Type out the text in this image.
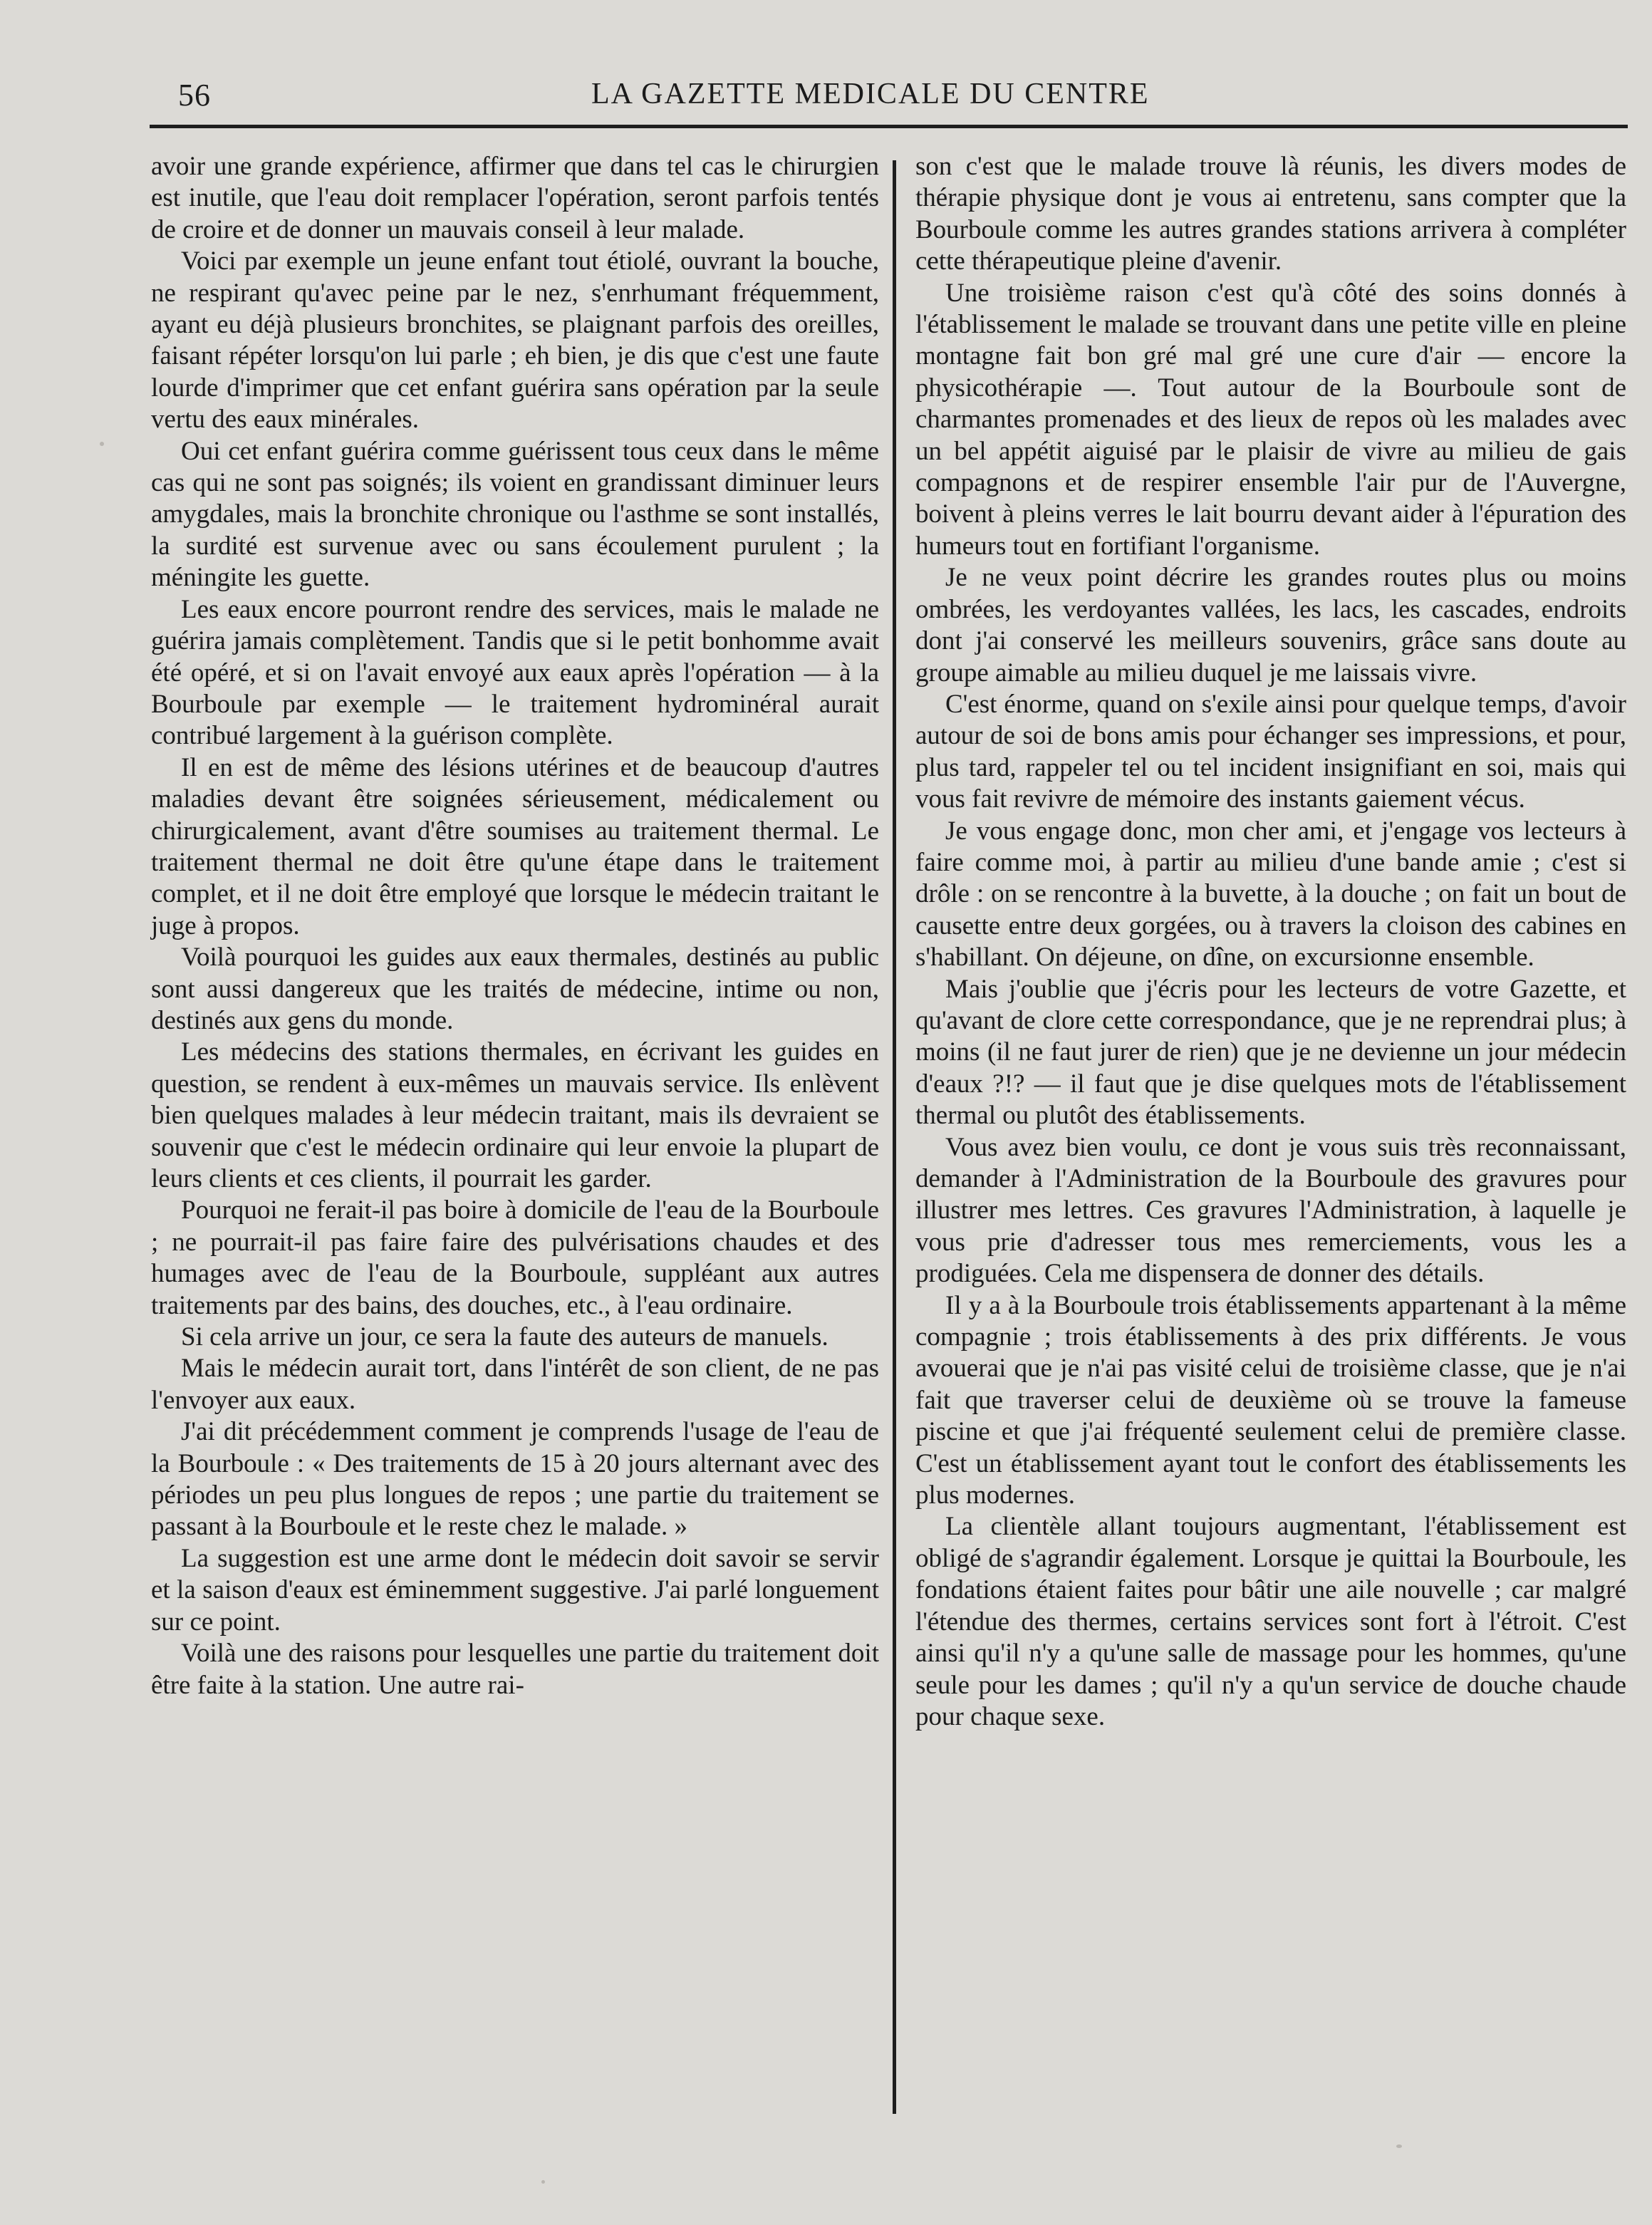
56	LA GAZETTE MEDICALE DU CENTRE

avoir une grande expérience, affirmer que dans tel cas le chirurgien est inutile, que l'eau doit remplacer l'opération, seront parfois tentés de croire et de donner un mauvais conseil à leur malade.

Voici par exemple un jeune enfant tout étiolé, ouvrant la bouche, ne respirant qu'avec peine par le nez, s'enrhumant fréquemment, ayant eu déjà plusieurs bronchites, se plaignant parfois des oreilles, faisant répéter lorsqu'on lui parle ; eh bien, je dis que c'est une faute lourde d'imprimer que cet enfant guérira sans opération par la seule vertu des eaux minérales.

Oui cet enfant guérira comme guérissent tous ceux dans le même cas qui ne sont pas soignés; ils voient en grandissant diminuer leurs amygdales, mais la bronchite chronique ou l'asthme se sont installés, la surdité est survenue avec ou sans écoulement purulent ; la méningite les guette.

Les eaux encore pourront rendre des services, mais le malade ne guérira jamais complètement. Tandis que si le petit bonhomme avait été opéré, et si on l'avait envoyé aux eaux après l'opération — à la Bourboule par exemple — le traitement hydrominéral aurait contribué largement à la guérison complète.

Il en est de même des lésions utérines et de beaucoup d'autres maladies devant être soignées sérieusement, médicalement ou chirurgicalement, avant d'être soumises au traitement thermal. Le traitement thermal ne doit être qu'une étape dans le traitement complet, et il ne doit être employé que lorsque le médecin traitant le juge à propos.

Voilà pourquoi les guides aux eaux thermales, destinés au public sont aussi dangereux que les traités de médecine, intime ou non, destinés aux gens du monde.

Les médecins des stations thermales, en écrivant les guides en question, se rendent à eux-mêmes un mauvais service. Ils enlèvent bien quelques malades à leur médecin traitant, mais ils devraient se souvenir que c'est le médecin ordinaire qui leur envoie la plupart de leurs clients et ces clients, il pourrait les garder.

Pourquoi ne ferait-il pas boire à domicile de l'eau de la Bourboule ; ne pourrait-il pas faire faire des pulvérisations chaudes et des humages avec de l'eau de la Bourboule, suppléant aux autres traitements par des bains, des douches, etc., à l'eau ordinaire.

Si cela arrive un jour, ce sera la faute des auteurs de manuels.

Mais le médecin aurait tort, dans l'intérêt de son client, de ne pas l'envoyer aux eaux.

J'ai dit précédemment comment je comprends l'usage de l'eau de la Bourboule : « Des traitements de 15 à 20 jours alternant avec des périodes un peu plus longues de repos ; une partie du traitement se passant à la Bourboule et le reste chez le malade. »

La suggestion est une arme dont le médecin doit savoir se servir et la saison d'eaux est éminemment suggestive. J'ai parlé longuement sur ce point.

Voilà une des raisons pour lesquelles une partie du traitement doit être faite à la station. Une autre rai-

son c'est que le malade trouve là réunis, les divers modes de thérapie physique dont je vous ai entretenu, sans compter que la Bourboule comme les autres grandes stations arrivera à compléter cette thérapeutique pleine d'avenir.

Une troisième raison c'est qu'à côté des soins donnés à l'établissement le malade se trouvant dans une petite ville en pleine montagne fait bon gré mal gré une cure d'air — encore la physicothérapie —. Tout autour de la Bourboule sont de charmantes promenades et des lieux de repos où les malades avec un bel appétit aiguisé par le plaisir de vivre au milieu de gais compagnons et de respirer ensemble l'air pur de l'Auvergne, boivent à pleins verres le lait bourru devant aider à l'épuration des humeurs tout en fortifiant l'organisme.

Je ne veux point décrire les grandes routes plus ou moins ombrées, les verdoyantes vallées, les lacs, les cascades, endroits dont j'ai conservé les meilleurs souvenirs, grâce sans doute au groupe aimable au milieu duquel je me laissais vivre.

C'est énorme, quand on s'exile ainsi pour quelque temps, d'avoir autour de soi de bons amis pour échanger ses impressions, et pour, plus tard, rappeler tel ou tel incident insignifiant en soi, mais qui vous fait revivre de mémoire des instants gaiement vécus.

Je vous engage donc, mon cher ami, et j'engage vos lecteurs à faire comme moi, à partir au milieu d'une bande amie ; c'est si drôle : on se rencontre à la buvette, à la douche ; on fait un bout de causette entre deux gorgées, ou à travers la cloison des cabines en s'habillant. On déjeune, on dîne, on excursionne ensemble.

Mais j'oublie que j'écris pour les lecteurs de votre Gazette, et qu'avant de clore cette correspondance, que je ne reprendrai plus; à moins (il ne faut jurer de rien) que je ne devienne un jour médecin d'eaux ?!? — il faut que je dise quelques mots de l'établissement thermal ou plutôt des établissements.

Vous avez bien voulu, ce dont je vous suis très reconnaissant, demander à l'Administration de la Bourboule des gravures pour illustrer mes lettres. Ces gravures l'Administration, à laquelle je vous prie d'adresser tous mes remerciements, vous les a prodiguées. Cela me dispensera de donner des détails.

Il y a à la Bourboule trois établissements appartenant à la même compagnie ; trois établissements à des prix différents. Je vous avouerai que je n'ai pas visité celui de troisième classe, que je n'ai fait que traverser celui de deuxième où se trouve la fameuse piscine et que j'ai fréquenté seulement celui de première classe. C'est un établissement ayant tout le confort des établissements les plus modernes.

La clientèle allant toujours augmentant, l'établissement est obligé de s'agrandir également. Lorsque je quittai la Bourboule, les fondations étaient faites pour bâtir une aile nouvelle ; car malgré l'étendue des thermes, certains services sont fort à l'étroit. C'est ainsi qu'il n'y a qu'une salle de massage pour les hommes, qu'une seule pour les dames ; qu'il n'y a qu'un service de douche chaude pour chaque sexe.
